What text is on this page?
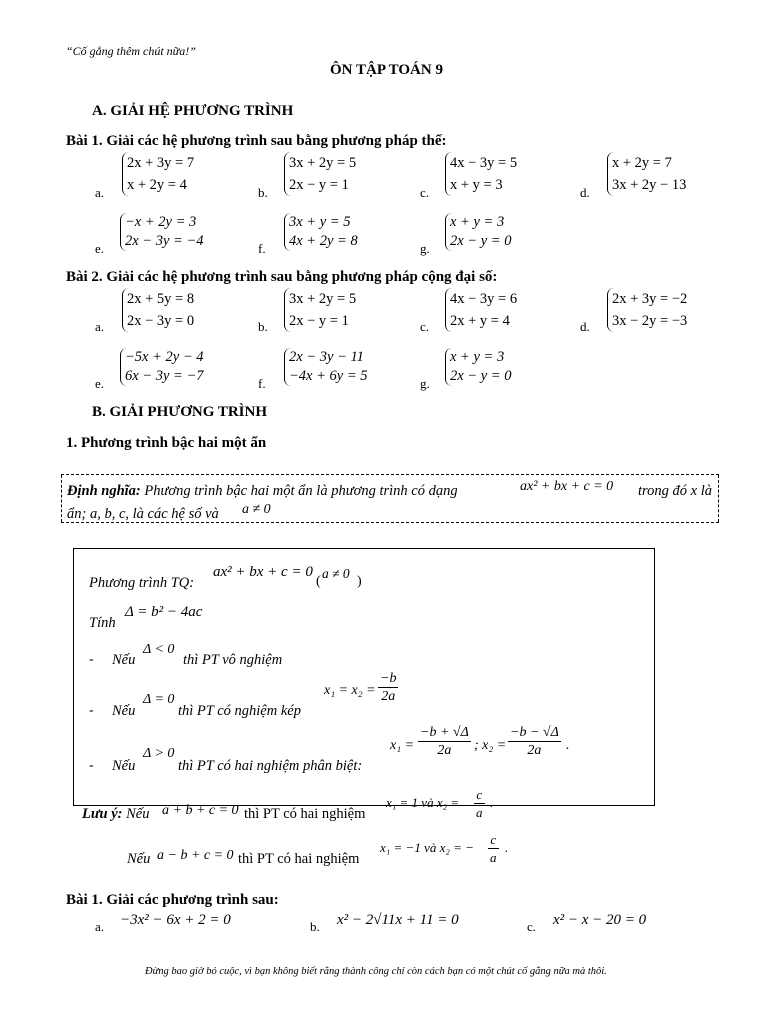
“Cố gắng thêm chút nữa!”
ÔN TẬP TOÁN 9
A. GIẢI HỆ PHƯƠNG TRÌNH
Bài 1. Giải các hệ phương trình sau bằng phương pháp thế:
a.
2x + 3y = 7
x + 2y = 4	b.
3x + 2y = 5
2x − y = 1	c.
4x − 3y = 5
x + y = 3	d.
x + 2y = 7
3x + 2y − 13
e.
−x + 2y = 3
2x − 3y = −4	f.
3x + y = 5
4x + 2y = 8	g.
x + y = 3
2x − y = 0
Bài 2. Giải các hệ phương trình sau bằng phương pháp cộng đại số:
a.
2x + 5y = 8
2x − 3y = 0	b.
3x + 2y = 5
2x − y = 1	c.
4x − 3y = 6
2x + y = 4	d.
2x + 3y = −2
3x − 2y = −3
e.
−5x + 2y − 4
6x − 3y = −7	f.
2x − 3y − 11
−4x + 6y = 5	g.
x + y = 3
2x − y = 0
B. GIẢI PHƯƠNG TRÌNH
1. Phương trình bậc hai một ẩn
Định nghĩa: Phương trình bậc hai một ẩn là phương trình có dạng	ax² + bx + c = 0 trong đó x là
ẩn; a, b, c, là các hệ số và a ≠ 0
Phương trình TQ:
ax² + bx + c = 0
(
a ≠ 0
)
Tính
Δ = b² − 4ac
- Nếu
Δ < 0
thì PT vô nghiệm
$x_1 = x_2 = \frac{-b}{2a}$
- Nếu
Δ = 0
thì PT có nghiệm kép
$x_1 = \frac{-b + √\Delta}{2a}$ ; $x_2 = \frac{-b - √\Delta}{2a}$ .
- Nếu
Δ > 0
thì PT có hai nghiệm phân biệt:
Lưu ý: Nếu a + b + c = 0 thì PT có hai nghiệm
x₁ = 1 và $x_2 = \frac{c}{a}$ .
Nếu a − b + c = 0 thì PT có hai nghiệm
x₁ = −1 và x₂ = − $\frac{c}{a}$ .
Bài 1. Giải các phương trình sau:
a. −3x² − 6x + 2 = 0	b. x² − 2√11x + 11 = 0	c. x² − x − 20 = 0
Đừng bao giờ bỏ cuộc, vì bạn không biết rằng thành công chỉ còn cách bạn có một chút cố gắng nữa mà thôi.
